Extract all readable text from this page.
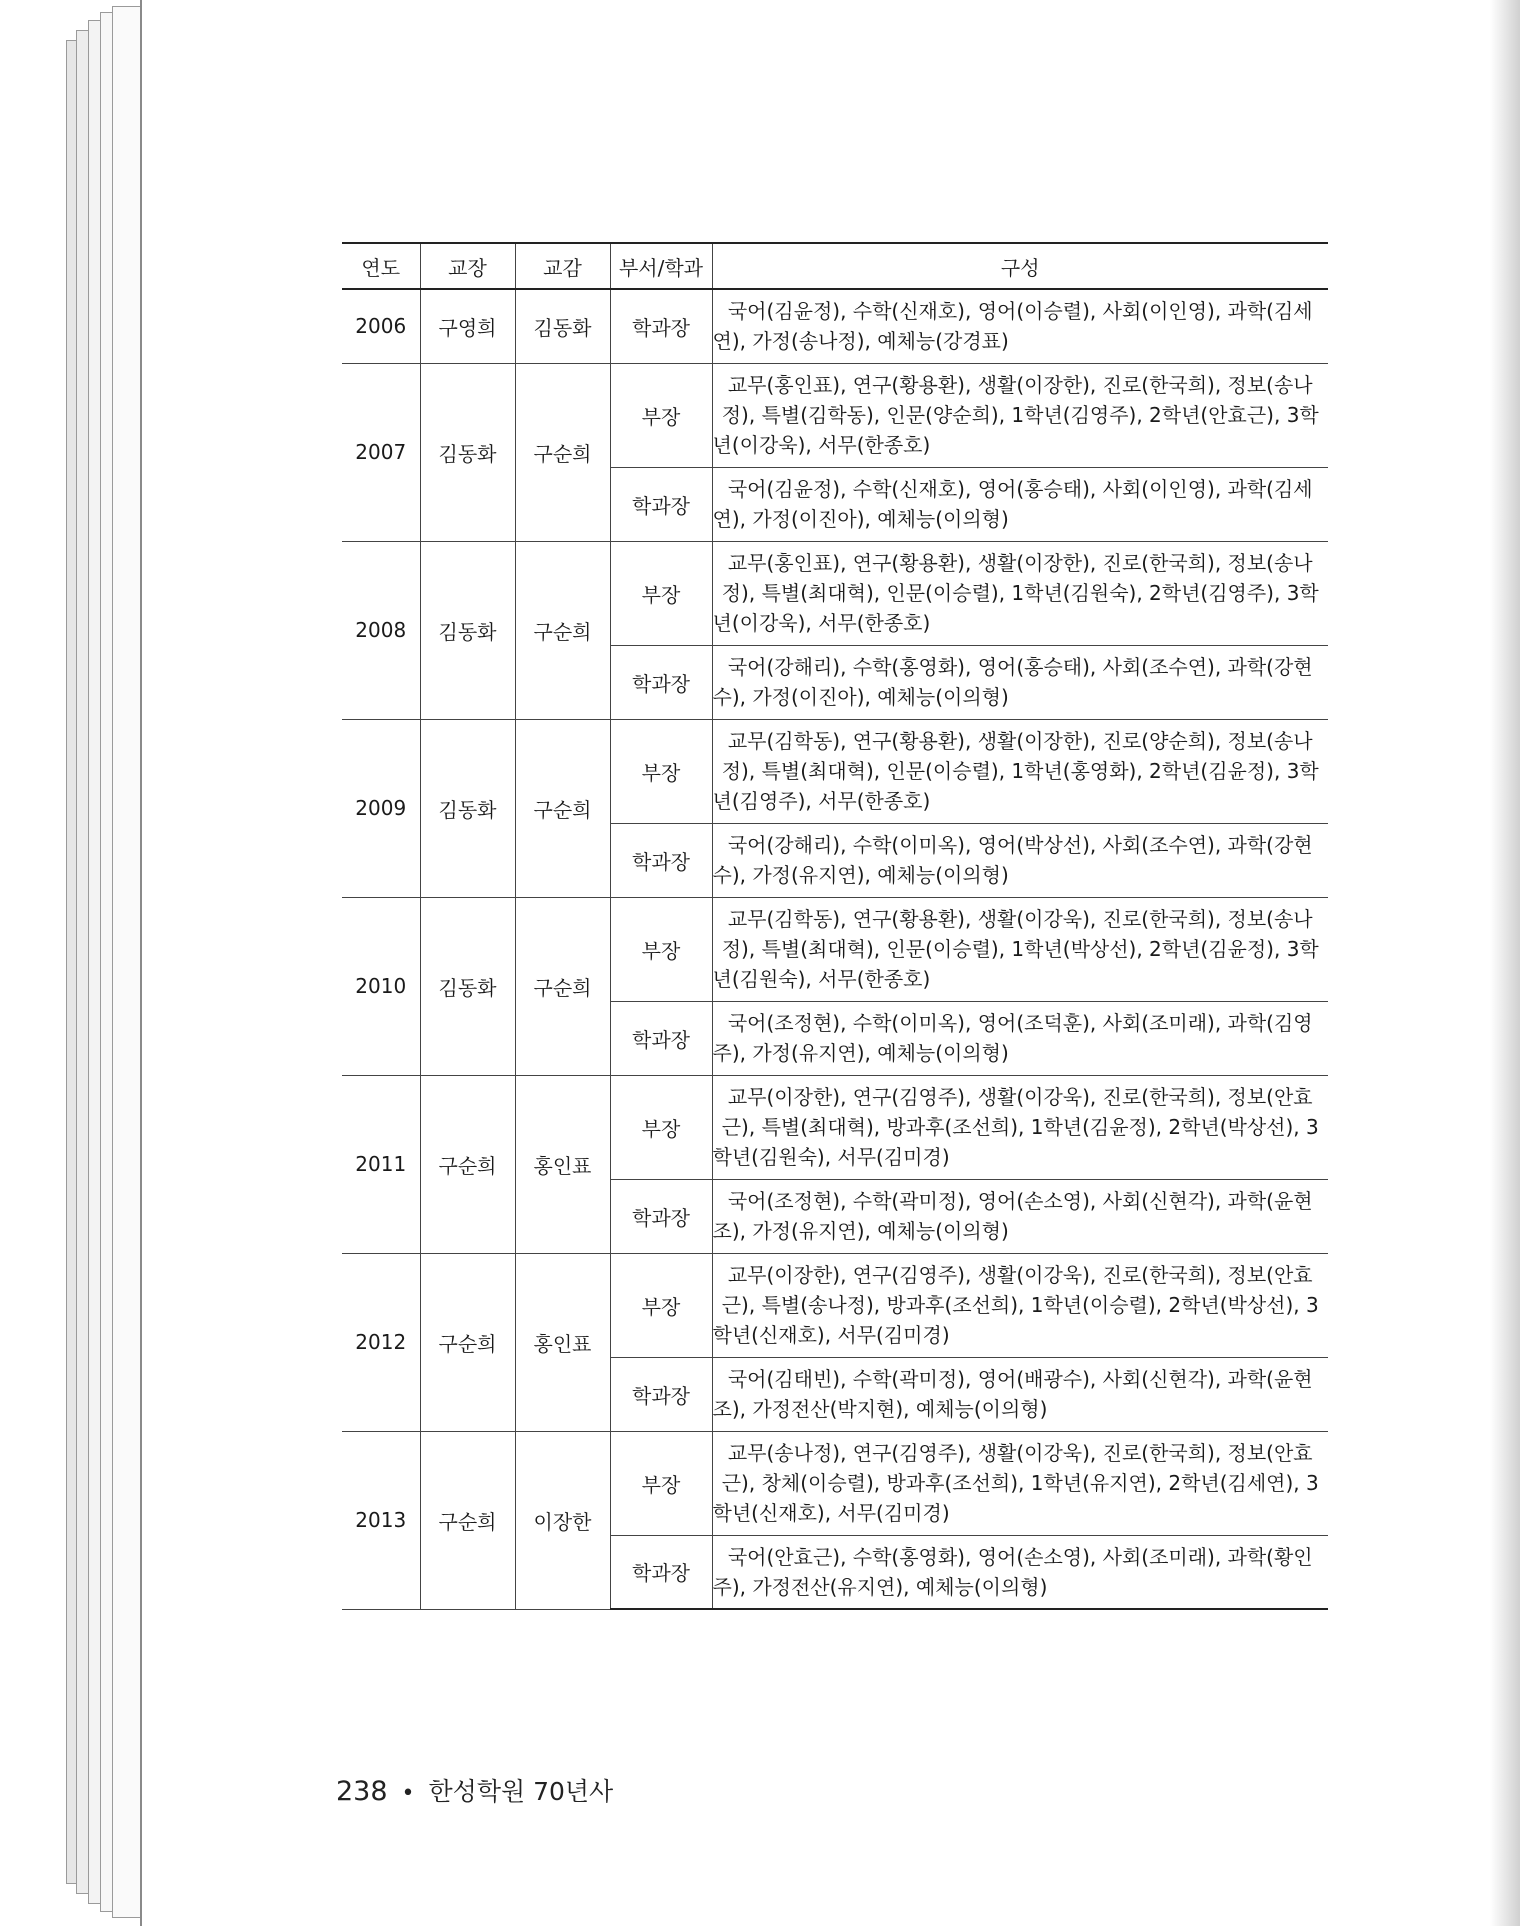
연도	교장	교감	부서/학과	구성
2006	구영희	김동화	학과장	국어(김윤정), 수학(신재호), 영어(이승렬), 사회(이인영), 과학(김세연), 가정(송나정), 예체능(강경표)
2007	김동화	구순희	부장	교무(홍인표), 연구(황용환), 생활(이장한), 진로(한국희), 정보(송나정), 특별(김학동), 인문(양순희), 1학년(김영주), 2학년(안효근), 3학년(이강욱), 서무(한종호)
			학과장	국어(김윤정), 수학(신재호), 영어(홍승태), 사회(이인영), 과학(김세연), 가정(이진아), 예체능(이의형)
2008	김동화	구순희	부장	교무(홍인표), 연구(황용환), 생활(이장한), 진로(한국희), 정보(송나정), 특별(최대혁), 인문(이승렬), 1학년(김원숙), 2학년(김영주), 3학년(이강욱), 서무(한종호)
			학과장	국어(강해리), 수학(홍영화), 영어(홍승태), 사회(조수연), 과학(강현수), 가정(이진아), 예체능(이의형)
2009	김동화	구순희	부장	교무(김학동), 연구(황용환), 생활(이장한), 진로(양순희), 정보(송나정), 특별(최대혁), 인문(이승렬), 1학년(홍영화), 2학년(김윤정), 3학년(김영주), 서무(한종호)
			학과장	국어(강해리), 수학(이미옥), 영어(박상선), 사회(조수연), 과학(강현수), 가정(유지연), 예체능(이의형)
2010	김동화	구순희	부장	교무(김학동), 연구(황용환), 생활(이강욱), 진로(한국희), 정보(송나정), 특별(최대혁), 인문(이승렬), 1학년(박상선), 2학년(김윤정), 3학년(김원숙), 서무(한종호)
			학과장	국어(조정현), 수학(이미옥), 영어(조덕훈), 사회(조미래), 과학(김영주), 가정(유지연), 예체능(이의형)
2011	구순희	홍인표	부장	교무(이장한), 연구(김영주), 생활(이강욱), 진로(한국희), 정보(안효근), 특별(최대혁), 방과후(조선희), 1학년(김윤정), 2학년(박상선), 3학년(김원숙), 서무(김미경)
			학과장	국어(조정현), 수학(곽미정), 영어(손소영), 사회(신현각), 과학(윤현조), 가정(유지연), 예체능(이의형)
2012	구순희	홍인표	부장	교무(이장한), 연구(김영주), 생활(이강욱), 진로(한국희), 정보(안효근), 특별(송나정), 방과후(조선희), 1학년(이승렬), 2학년(박상선), 3학년(신재호), 서무(김미경)
			학과장	국어(김태빈), 수학(곽미정), 영어(배광수), 사회(신현각), 과학(윤현조), 가정전산(박지현), 예체능(이의형)
2013	구순희	이장한	부장	교무(송나정), 연구(김영주), 생활(이강욱), 진로(한국희), 정보(안효근), 창체(이승렬), 방과후(조선희), 1학년(유지연), 2학년(김세연), 3학년(신재호), 서무(김미경)
			학과장	국어(안효근), 수학(홍영화), 영어(손소영), 사회(조미래), 과학(황인주), 가정전산(유지연), 예체능(이의형)
238 • 한성학원 70년사
